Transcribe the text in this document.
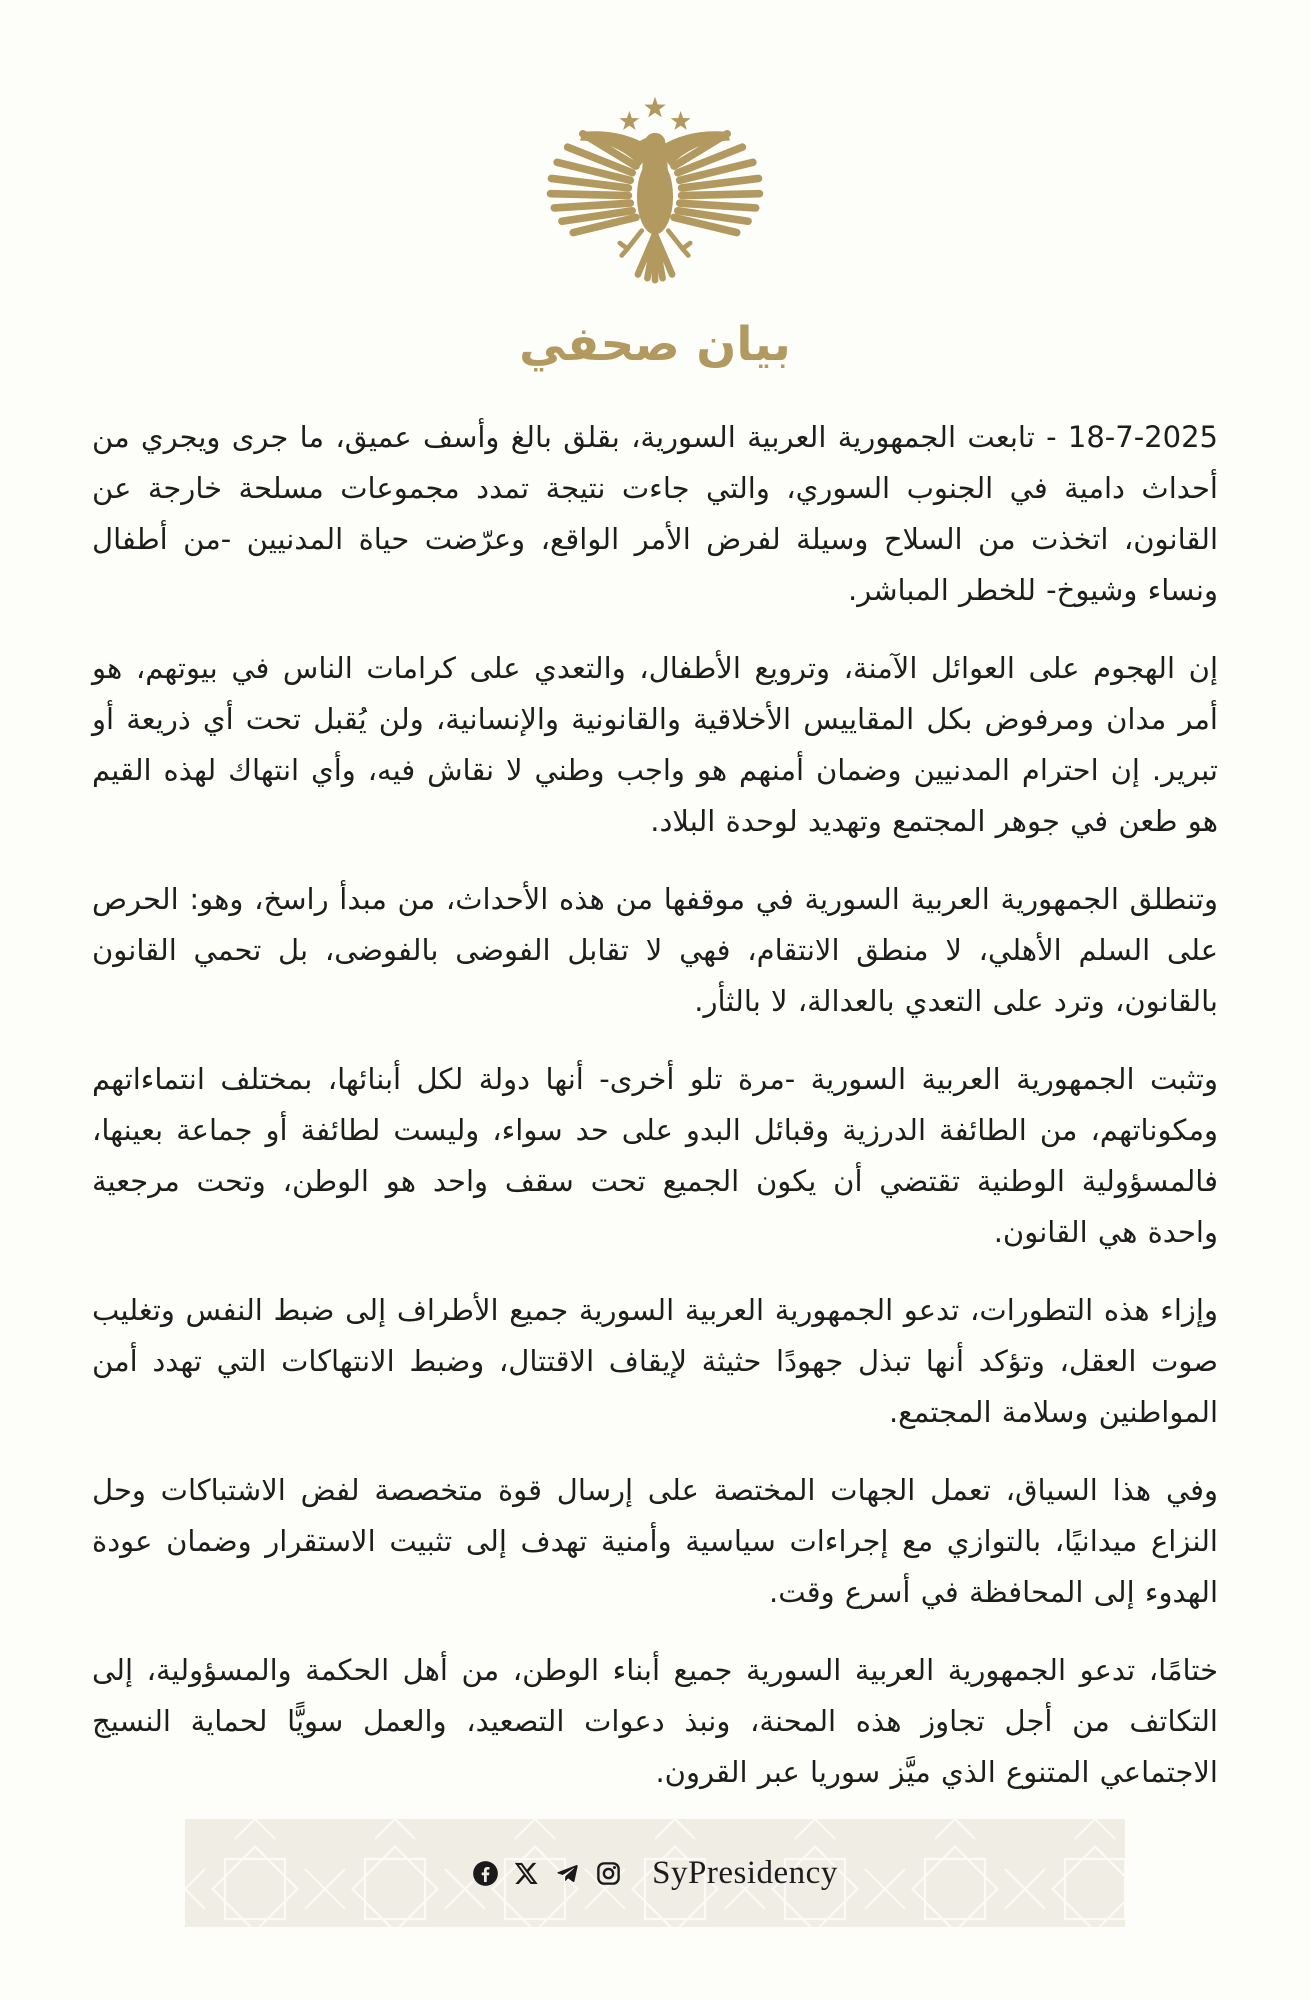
بيان صحفي

18-7-2025 - تابعت الجمهورية العربية السورية، بقلق بالغ وأسف عميق، ما جرى ويجري من أحداث دامية في الجنوب السوري، والتي جاءت نتيجة تمدد مجموعات مسلحة خارجة عن القانون، اتخذت من السلاح وسيلة لفرض الأمر الواقع، وعرّضت حياة المدنيين -من أطفال ونساء وشيوخ- للخطر المباشر.

إن الهجوم على العوائل الآمنة، وترويع الأطفال، والتعدي على كرامات الناس في بيوتهم، هو أمر مدان ومرفوض بكل المقاييس الأخلاقية والقانونية والإنسانية، ولن يُقبل تحت أي ذريعة أو تبرير. إن احترام المدنيين وضمان أمنهم هو واجب وطني لا نقاش فيه، وأي انتهاك لهذه القيم هو طعن في جوهر المجتمع وتهديد لوحدة البلاد.

وتنطلق الجمهورية العربية السورية في موقفها من هذه الأحداث، من مبدأ راسخ، وهو: الحرص على السلم الأهلي، لا منطق الانتقام، فهي لا تقابل الفوضى بالفوضى، بل تحمي القانون بالقانون، وترد على التعدي بالعدالة، لا بالثأر.

وتثبت الجمهورية العربية السورية -مرة تلو أخرى- أنها دولة لكل أبنائها، بمختلف انتماءاتهم ومكوناتهم، من الطائفة الدرزية وقبائل البدو على حد سواء، وليست لطائفة أو جماعة بعينها، فالمسؤولية الوطنية تقتضي أن يكون الجميع تحت سقف واحد هو الوطن، وتحت مرجعية واحدة هي القانون.

وإزاء هذه التطورات، تدعو الجمهورية العربية السورية جميع الأطراف إلى ضبط النفس وتغليب صوت العقل، وتؤكد أنها تبذل جهودًا حثيثة لإيقاف الاقتتال، وضبط الانتهاكات التي تهدد أمن المواطنين وسلامة المجتمع.

وفي هذا السياق، تعمل الجهات المختصة على إرسال قوة متخصصة لفض الاشتباكات وحل النزاع ميدانيًا، بالتوازي مع إجراءات سياسية وأمنية تهدف إلى تثبيت الاستقرار وضمان عودة الهدوء إلى المحافظة في أسرع وقت.

ختامًا، تدعو الجمهورية العربية السورية جميع أبناء الوطن، من أهل الحكمة والمسؤولية، إلى التكاتف من أجل تجاوز هذه المحنة، ونبذ دعوات التصعيد، والعمل سويًّا لحماية النسيج الاجتماعي المتنوع الذي ميَّز سوريا عبر القرون.

SyPresidency
